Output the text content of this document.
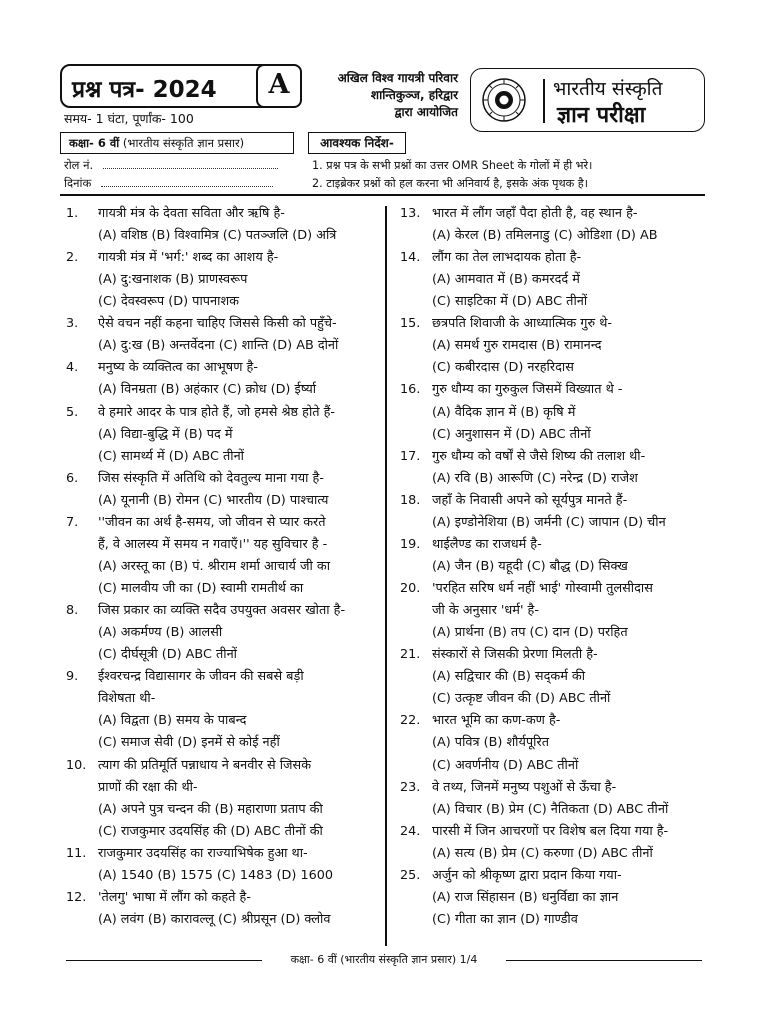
प्रश्न पत्र- 2024	A
समय- 1 घंटा, पूर्णांक- 100
अखिल विश्व गायत्री परिवार
शान्तिकुञ्ज, हरिद्वार
द्वारा आयोजित
भारतीय संस्कृति
ज्ञान परीक्षा
कक्षा- 6 वीं (भारतीय संस्कृति ज्ञान प्रसार)	आवश्यक निर्देश-
रोल नं.
दिनांक
1. प्रश्न पत्र के सभी प्रश्नों का उत्तर OMR Sheet के गोलों में ही भरे।
2. टाइब्रेकर प्रश्नों को हल करना भी अनिवार्य है, इसके अंक पृथक है।
1. गायत्री मंत्र के देवता सविता और ऋषि है-
(A) वशिष्ठ (B) विश्वामित्र (C) पतञ्जलि (D) अत्रि
2. गायत्री मंत्र में 'भर्ग:' शब्द का आशय है-
(A) दु:खनाशक (B) प्राणस्वरूप
(C) देवस्वरूप (D) पापनाशक
3. ऐसे वचन नहीं कहना चाहिए जिससे किसी को पहुँचे-
(A) दु:ख (B) अन्तर्वेदना (C) शान्ति (D) AB दोनों
4. मनुष्य के व्यक्तित्व का आभूषण है-
(A) विनम्रता (B) अहंकार (C) क्रोध (D) ईर्ष्या
5. वे हमारे आदर के पात्र होते हैं, जो हमसे श्रेष्ठ होते हैं-
(A) विद्या-बुद्धि में (B) पद में
(C) सामर्थ्य में (D) ABC तीनों
6. जिस संस्कृति में अतिथि को देवतुल्य माना गया है-
(A) यूनानी (B) रोमन (C) भारतीय (D) पाश्चात्य
7. ''जीवन का अर्थ है-समय, जो जीवन से प्यार करते
हैं, वे आलस्य में समय न गवाएँ।'' यह सुविचार है -
(A) अरस्तू का (B) पं. श्रीराम शर्मा आचार्य जी का
(C) मालवीय जी का (D) स्वामी रामतीर्थ का
8. जिस प्रकार का व्यक्ति सदैव उपयुक्त अवसर खोता है-
(A) अकर्मण्य (B) आलसी
(C) दीर्घसूत्री (D) ABC तीनों
9. ईश्वरचन्द्र विद्यासागर के जीवन की सबसे बड़ी
विशेषता थी-
(A) विद्वता (B) समय के पाबन्द
(C) समाज सेवी (D) इनमें से कोई नहीं
10. त्याग की प्रतिमूर्ति पन्नाधाय ने बनवीर से जिसके
प्राणों की रक्षा की थी-
(A) अपने पुत्र चन्दन की (B) महाराणा प्रताप की
(C) राजकुमार उदयसिंह की (D) ABC तीनों की
11. राजकुमार उदयसिंह का राज्याभिषेक हुआ था-
(A) 1540 (B) 1575 (C) 1483 (D) 1600
12. 'तेलगु' भाषा में लौंग को कहते है-
(A) लवंग (B) कारावल्लू (C) श्रीप्रसून (D) क्लोव
13. भारत में लौंग जहाँ पैदा होती है, वह स्थान है-
(A) केरल (B) तमिलनाडु (C) ओडिशा (D) AB
14. लौंग का तेल लाभदायक होता है-
(A) आमवात में (B) कमरदर्द में
(C) साइटिका में (D) ABC तीनों
15. छत्रपति शिवाजी के आध्यात्मिक गुरु थे-
(A) समर्थ गुरु रामदास (B) रामानन्द
(C) कबीरदास (D) नरहरिदास
16. गुरु धौम्य का गुरुकुल जिसमें विख्यात थे -
(A) वैदिक ज्ञान में (B) कृषि में
(C) अनुशासन में (D) ABC तीनों
17. गुरु धौम्य को वर्षों से जैसे शिष्य की तलाश थी-
(A) रवि (B) आरूणि (C) नरेन्द्र (D) राजेश
18. जहाँ के निवासी अपने को सूर्यपुत्र मानते हैं-
(A) इण्डोनेशिया (B) जर्मनी (C) जापान (D) चीन
19. थाईलैण्ड का राजधर्म है-
(A) जैन (B) यहूदी (C) बौद्ध (D) सिक्ख
20. 'परहित सरिष धर्म नहीं भाई' गोस्वामी तुलसीदास
जी के अनुसार 'धर्म' है-
(A) प्रार्थना (B) तप (C) दान (D) परहित
21. संस्कारों से जिसकी प्रेरणा मिलती है-
(A) सद्विचार की (B) सद्कर्म की
(C) उत्कृष्ट जीवन की (D) ABC तीनों
22. भारत भूमि का कण-कण है-
(A) पवित्र (B) शौर्यपूरित
(C) अवर्णनीय (D) ABC तीनों
23. वे तथ्य, जिनमें मनुष्य पशुओं से ऊँचा है-
(A) विचार (B) प्रेम (C) नैतिकता (D) ABC तीनों
24. पारसी में जिन आचरणों पर विशेष बल दिया गया है-
(A) सत्य (B) प्रेम (C) करुणा (D) ABC तीनों
25. अर्जुन को श्रीकृष्ण द्वारा प्रदान किया गया-
(A) राज सिंहासन (B) धनुर्विद्या का ज्ञान
(C) गीता का ज्ञान (D) गाण्डीव
कक्षा- 6 वीं (भारतीय संस्कृति ज्ञान प्रसार) 1/4
